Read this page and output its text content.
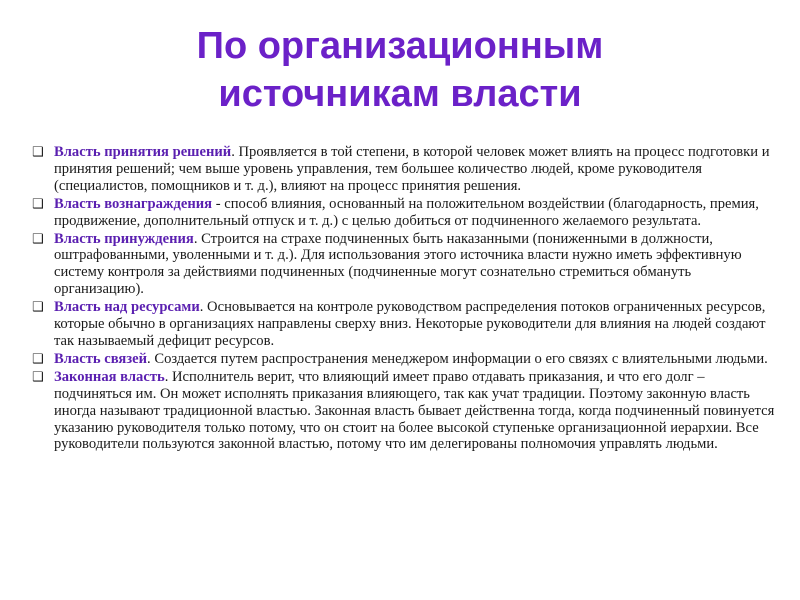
По организационным
источникам власти
❑ Власть принятия решений. Проявляется в той степени, в которой человек может влиять на процесс подготовки и принятия решений; чем выше уровень управления, тем большее количество людей, кроме руководителя (специалистов, помощников и т. д.), влияют на процесс принятия решения.
❑ Власть вознаграждения - способ влияния, основанный на положительном воздействии (благодарность, премия, продвижение, дополнительный отпуск и т. д.) с целью добиться от подчиненного желаемого результата.
❑ Власть принуждения. Строится на страхе подчиненных быть наказанными (пониженными в должности, оштрафованными, уволенными и т. д.). Для использования этого источника власти нужно иметь эффективную систему контроля за действиями подчиненных (подчиненные могут сознательно стремиться обмануть организацию).
❑ Власть над ресурсами. Основывается на контроле руководством распределения потоков ограниченных ресурсов, которые обычно в организациях направлены сверху вниз. Некоторые руководители для влияния на людей создают так называемый дефицит ресурсов.
❑ Власть связей. Создается путем распространения менеджером информации о его связях с влиятельными людьми.
❑ Законная власть. Исполнитель верит, что влияющий имеет право отдавать приказания, и что его долг – подчиняться им. Он может исполнять приказания влияющего, так как учат традиции. Поэтому законную власть иногда называют традиционной властью. Законная власть бывает действенна тогда, когда подчиненный повинуется указанию руководителя только потому, что он стоит на более высокой ступеньке организационной иерархии. Все руководители пользуются законной властью, потому что им делегированы полномочия управлять людьми.
